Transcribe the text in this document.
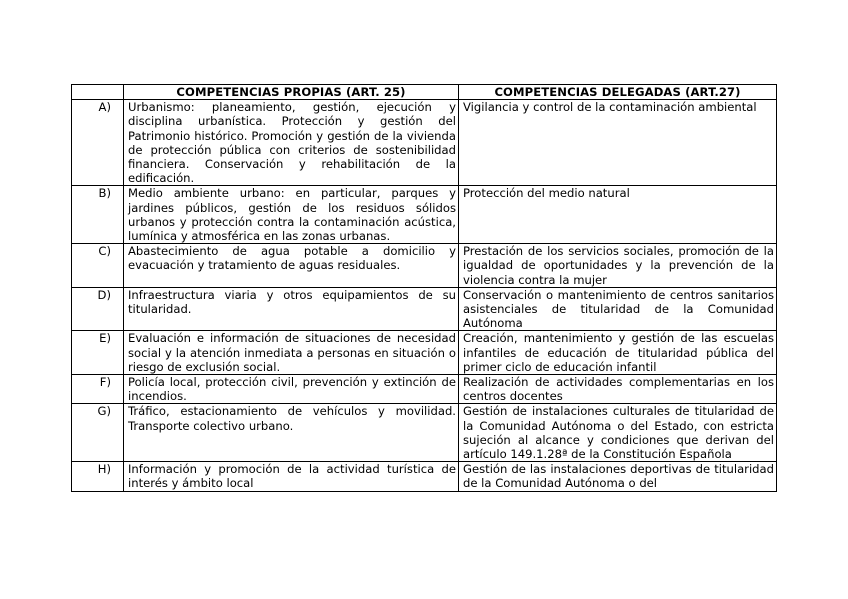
	COMPETENCIAS PROPIAS (ART. 25)	COMPETENCIAS DELEGADAS (ART.27)
A)	Urbanismo: planeamiento, gestión, ejecución y disciplina urbanística. Protección y gestión del Patrimonio histórico. Promoción y gestión de la vivienda de protección pública con criterios de sostenibilidad financiera. Conservación y rehabilitación de la edificación.	Vigilancia y control de la contaminación ambiental
B)	Medio ambiente urbano: en particular, parques y jardines públicos, gestión de los residuos sólidos urbanos y protección contra la contaminación acústica, lumínica y atmosférica en las zonas urbanas.	Protección del medio natural
C)	Abastecimiento de agua potable a domicilio y evacuación y tratamiento de aguas residuales.	Prestación de los servicios sociales, promoción de la igualdad de oportunidades y la prevención de la violencia contra la mujer
D)	Infraestructura viaria y otros equipamientos de su titularidad.	Conservación o mantenimiento de centros sanitarios asistenciales de titularidad de la Comunidad Autónoma
E)	Evaluación e información de situaciones de necesidad social y la atención inmediata a personas en situación o riesgo de exclusión social.	Creación, mantenimiento y gestión de las escuelas infantiles de educación de titularidad pública del primer ciclo de educación infantil
F)	Policía local, protección civil, prevención y extinción de incendios.	Realización de actividades complementarias en los centros docentes
G)	Tráfico, estacionamiento de vehículos y movilidad. Transporte colectivo urbano.	Gestión de instalaciones culturales de titularidad de la Comunidad Autónoma o del Estado, con estricta sujeción al alcance y condiciones que derivan del artículo 149.1.28ª de la Constitución Española
H)	Información y promoción de la actividad turística de interés y ámbito local	Gestión de las instalaciones deportivas de titularidad de la Comunidad Autónoma o del
